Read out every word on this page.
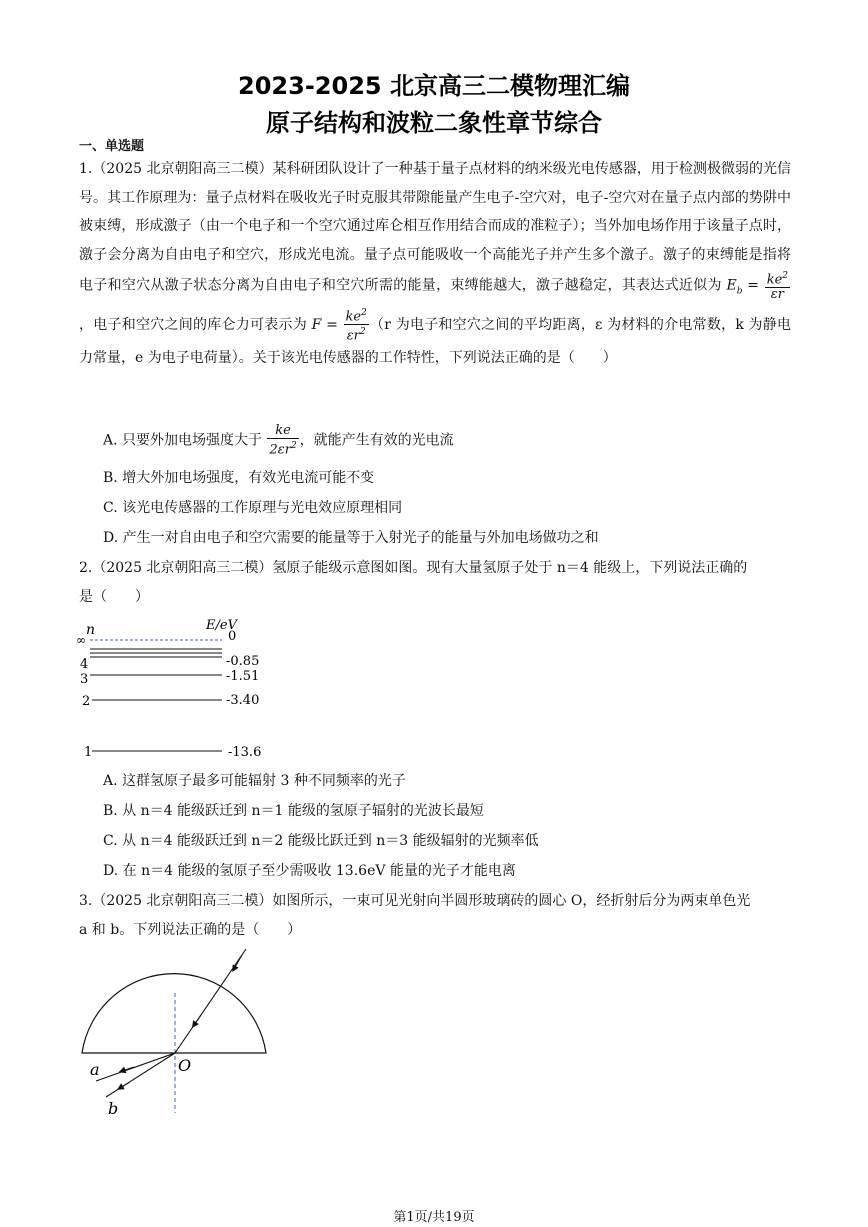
2023-2025 北京高三二模物理汇编
原子结构和波粒二象性章节综合
一、单选题
1.（2025 北京朝阳高三二模）某科研团队设计了一种基于量子点材料的纳米级光电传感器，用于检测极微弱的光信号。其工作原理为：量子点材料在吸收光子时克服其带隙能量产生电子-空穴对，电子-空穴对在量子点内部的势阱中被束缚，形成激子（由一个电子和一个空穴通过库仑相互作用结合而成的准粒子）；当外加电场作用于该量子点时，激子会分离为自由电子和空穴，形成光电流。量子点可能吸收一个高能光子并产生多个激子。激子的束缚能是指将电子和空穴从激子状态分离为自由电子和空穴所需的能量，束缚能越大，激子越稳定，其表达式近似为 $E_b = \frac{ke^2}{\varepsilon r}$
，电子和空穴之间的库仑力可表示为 $F = \frac{ke^2}{\varepsilon r^2} (r$ 为电子和空穴之间的平均距离，ε 为材料的介电常数，k 为静电力常量，e 为电子电荷量）。关于该光电传感器的工作特性，下列说法正确的是（　　）
A. 只要外加电场强度大于 $\frac{ke}{2\varepsilon r^2}$ ，就能产生有效的光电流
B. 增大外加电场强度，有效光电流可能不变
C. 该光电传感器的工作原理与光电效应原理相同
D. 产生一对自由电子和空穴需要的能量等于入射光子的能量与外加电场做功之和
2.（2025 北京朝阳高三二模）氢原子能级示意图如图。现有大量氢原子处于 n＝4 能级上，下列说法正确的
是（　　）
n	E/eV
∞	0
4	-0.85
3	-1.51
2	-3.40
1	-13.6
A. 这群氢原子最多可能辐射 3 种不同频率的光子
B. 从 n＝4 能级跃迁到 n＝1 能级的氢原子辐射的光波长最短
C. 从 n＝4 能级跃迁到 n＝2 能级比跃迁到 n＝3 能级辐射的光频率低
D. 在 n＝4 能级的氢原子至少需吸收 13.6eV 能量的光子才能电离
3.（2025 北京朝阳高三二模）如图所示，一束可见光射向半圆形玻璃砖的圆心 O，经折射后分为两束单色光
a 和 b。下列说法正确的是（　　）
O
a
b
第1页/共19页
